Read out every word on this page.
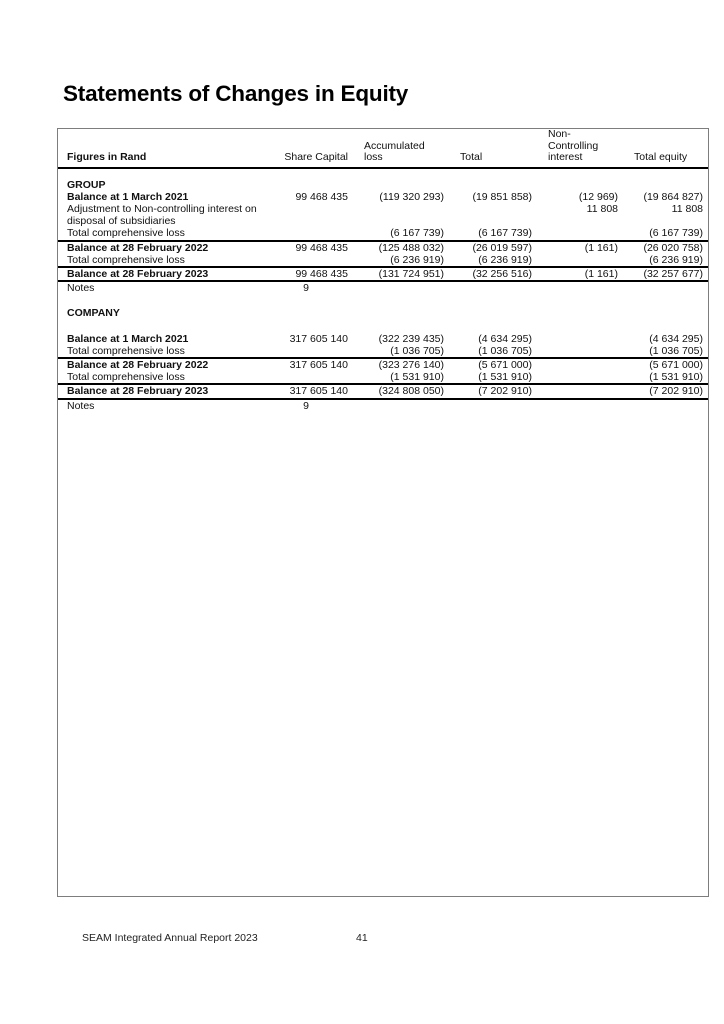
Statements of Changes in Equity
Figures in Rand	Share Capital	Accumulated loss	Total	Non-Controlling interest	Total equity

GROUP					
Balance at 1 March 2021	99 468 435	(119 320 293)	(19 851 858)	(12 969)	(19 864 827)
Adjustment to Non-controlling interest on disposal of subsidiaries				11 808	11 808
Total comprehensive loss		(6 167 739)	(6 167 739)		(6 167 739)
Balance at 28 February 2022	99 468 435	(125 488 032)	(26 019 597)	(1 161)	(26 020 758)
Total comprehensive loss		(6 236 919)	(6 236 919)		(6 236 919)
Balance at 28 February 2023	99 468 435	(131 724 951)	(32 256 516)	(1 161)	(32 257 677)
Notes	9				

COMPANY					

Balance at 1 March 2021	317 605 140	(322 239 435)	(4 634 295)		(4 634 295)
Total comprehensive loss		(1 036 705)	(1 036 705)		(1 036 705)
Balance at 28 February 2022	317 605 140	(323 276 140)	(5 671 000)		(5 671 000)
Total comprehensive loss		(1 531 910)	(1 531 910)		(1 531 910)
Balance at 28 February 2023	317 605 140	(324 808 050)	(7 202 910)		(7 202 910)
Notes	9				
SEAM Integrated Annual Report 2023	41
